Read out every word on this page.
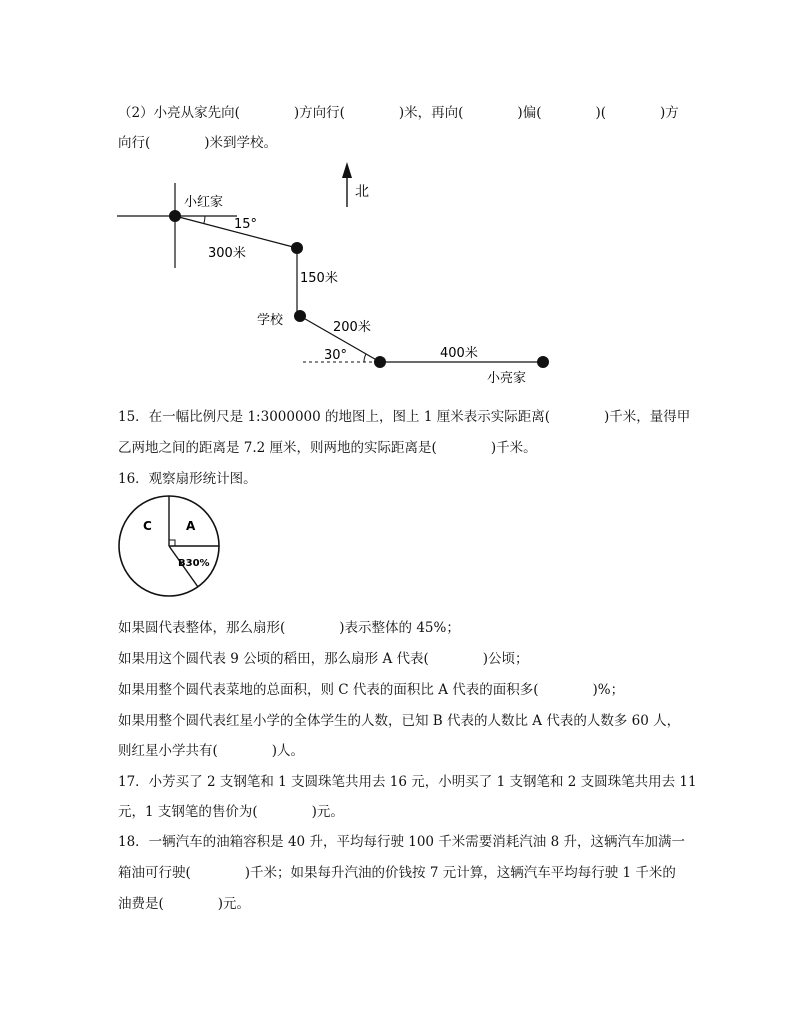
（2）小亮从家先向(　　　　)方向行(　　　　)米，再向(　　　　)偏(　　　　)(　　　　)方
向行(　　　　)米到学校。
北
小红家
15°
300米
150米
学校	200米
30°	400米
小亮家
C	A
B30%
15．在一幅比例尺是 1:3000000 的地图上，图上 1 厘米表示实际距离(　　　　)千米，量得甲
乙两地之间的距离是 7.2 厘米，则两地的实际距离是(　　　　)千米。
16．观察扇形统计图。
如果圆代表整体，那么扇形(　　　　)表示整体的 45%；
如果用这个圆代表 9 公顷的稻田，那么扇形 A 代表(　　　　)公顷；
如果用整个圆代表菜地的总面积，则 C 代表的面积比 A 代表的面积多(　　　　)%；
如果用整个圆代表红星小学的全体学生的人数，已知 B 代表的人数比 A 代表的人数多 60 人，
则红星小学共有(　　　　)人。
17．小芳买了 2 支钢笔和 1 支圆珠笔共用去 16 元，小明买了 1 支钢笔和 2 支圆珠笔共用去 11
元，1 支钢笔的售价为(　　　　)元。
18．一辆汽车的油箱容积是 40 升，平均每行驶 100 千米需要消耗汽油 8 升，这辆汽车加满一
箱油可行驶(　　　　)千米；如果每升汽油的价钱按 7 元计算，这辆汽车平均每行驶 1 千米的
油费是(　　　　)元。
